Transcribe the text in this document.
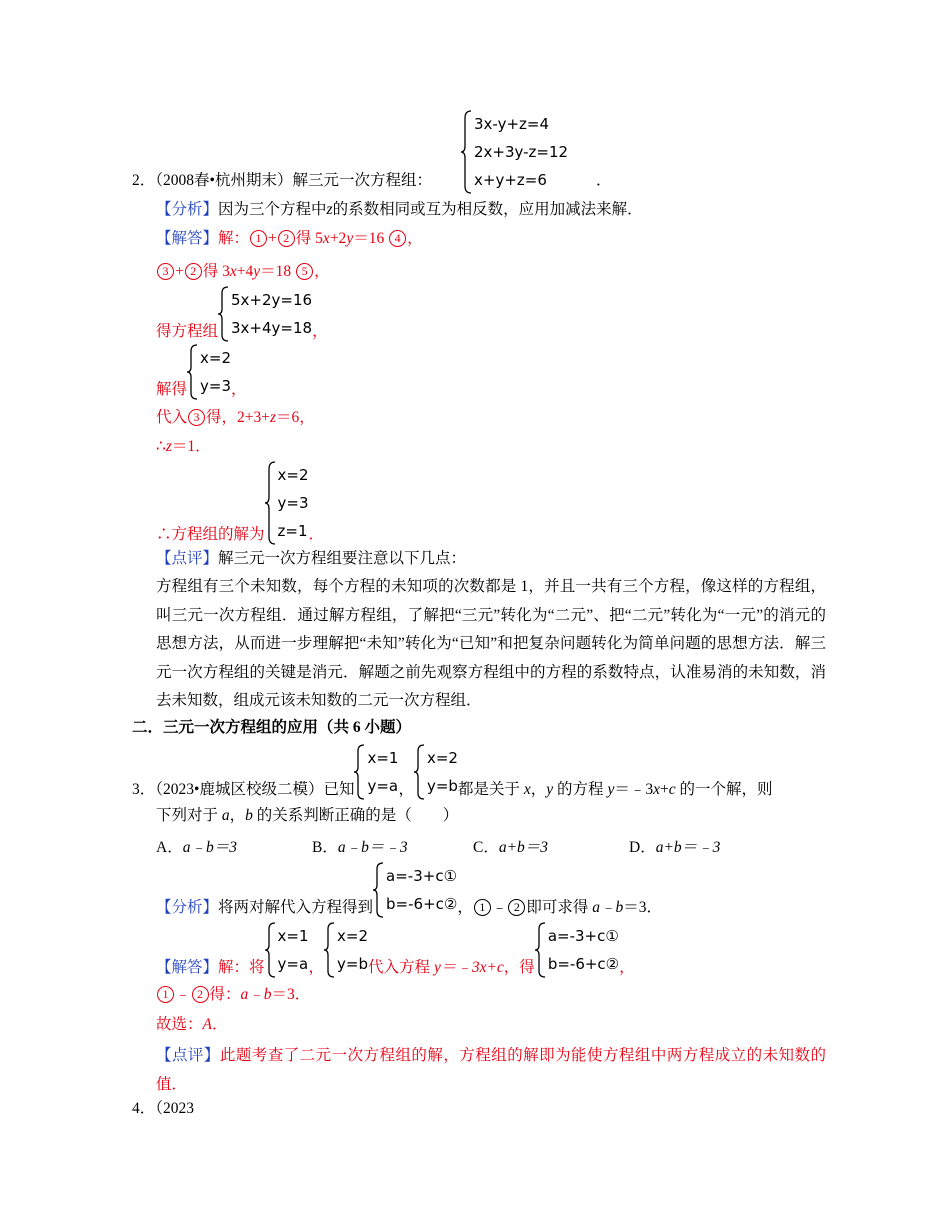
3x-y+z=4
2x+3y-z=12
x+y+z=6
2．（2008春•杭州期末）解三元一次方程组：	．
【分析】因为三个方程中z的系数相同或互为相反数，应用加减法来解．
【解答】解： 1 + 2 得 5x+2y＝16 4 ，
3 + 2 得 3x+4y＝18 5 ，
得方程组
5x+2y=16
3x+4y=18 ，
解得
x=2
y=3 ，
代入 3 得，2+3+z＝6，
∴z＝1．
∴方程组的解为
x=2
y=3
z=1 ．
【点评】解三元一次方程组要注意以下几点：
方程组有三个未知数，每个方程的未知项的次数都是 1，并且一共有三个方程，像这样的方程组，叫三元一次方程组．通过解方程组，了解把“三元”转化为“二元”、把“二元”转化为“一元”的消元的思想方法，从而进一步理解把“未知”转化为“已知”和把复杂问题转化为简单问题的思想方法．解三元一次方程组的关键是消元．解题之前先观察方程组中的方程的系数特点，认准易消的未知数，消去未知数，组成元该未知数的二元一次方程组．
二．三元一次方程组的应用（共 6 小题）
3．（2023•鹿城区校级二模）已知
x=1
y=a ，
x=2
y=b 都是关于 x，y 的方程 y＝﹣3x+c 的一个解，则
下列对于 a，b 的关系判断正确的是（　　）
A．a﹣b＝3	B．a﹣b＝﹣3	C．a+b＝3	D．a+b＝﹣3
【分析】将两对解代入方程得到
a=-3+c①
b=-6+c② ， 1 ﹣ 2 即可求得 a﹣b＝3．
【解答】解：将
x=1
y=a ，
x=2
y=b 代入方程 y＝﹣3x+c，得
a=-3+c①
b=-6+c② ，
1 ﹣ 2 得：a﹣b＝3．
故选：A．
【点评】此题考查了二元一次方程组的解，方程组的解即为能使方程组中两方程成立的未知数的值．
4．（2023
